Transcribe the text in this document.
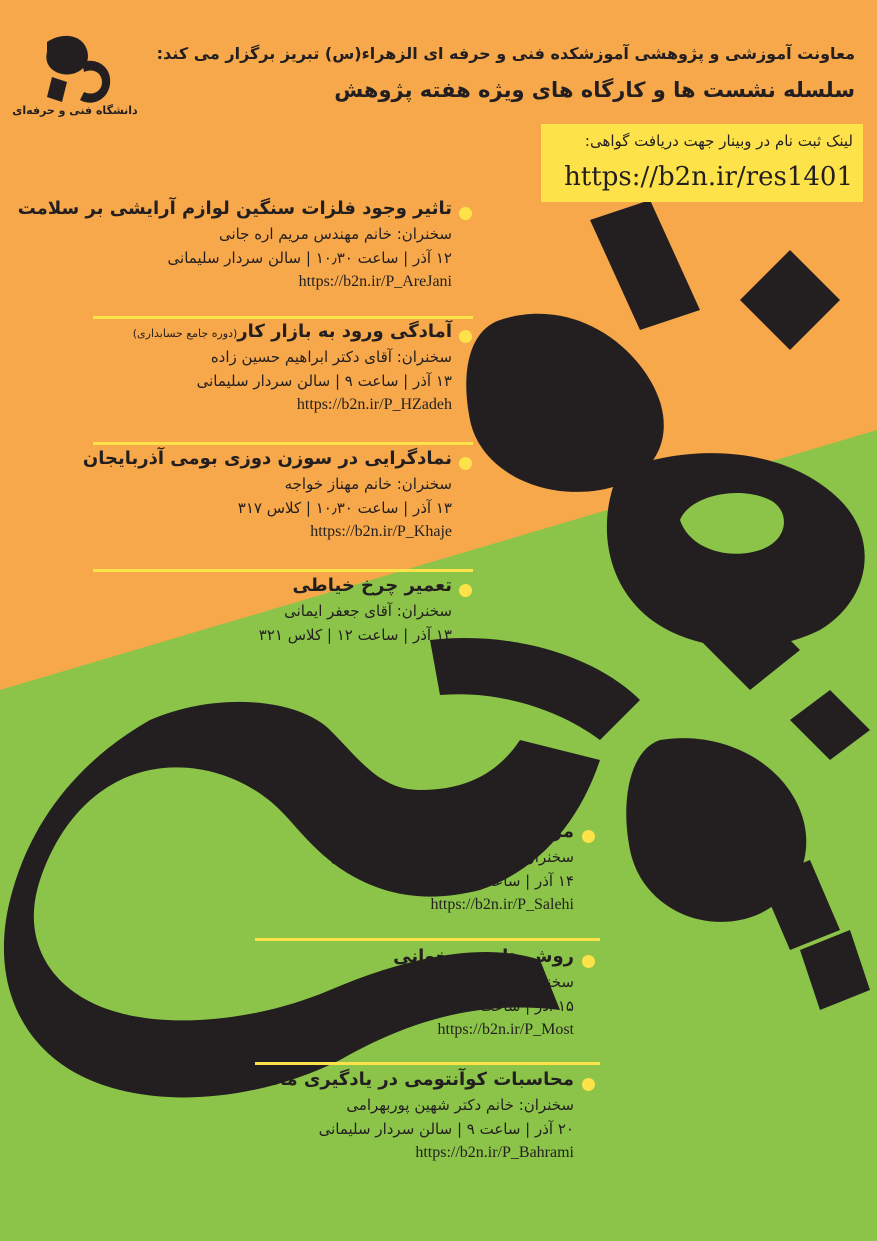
دانشگاه فنی و حرفه‌ای
معاونت آموزشی و پژوهشی آموزشکده فنی و حرفه ای الزهراء(س) تبریز برگزار می کند:
سلسله نشست ها و کارگاه های ویژه هفته پژوهش
لینک ثبت نام در وبینار جهت دریافت گواهی:
https://b2n.ir/res1401
تاثیر وجود فلزات سنگین لوازم آرایشی بر سلامت
سخنران: خانم مهندس مریم اره جانی
۱۲ آذر | ساعت ۱۰٫۳۰ | سالن سردار سلیمانی
https://b2n.ir/P_AreJani
آمادگی ورود به بازار کار(دوره جامع حسابداری)
سخنران: آقای دکتر ابراهیم حسین زاده
۱۳ آذر | ساعت ۹ | سالن سردار سلیمانی
https://b2n.ir/P_HZadeh
نمادگرایی در سوزن دوزی بومی آذربایجان
سخنران: خانم مهناز خواجه
۱۳ آذر | ساعت ۱۰٫۳۰ | کلاس ۳۱۷
https://b2n.ir/P_Khaje
تعمیر چرخ خیاطی
سخنران: آقای جعفر ایمانی
۱۳ آذر | ساعت ۱۲ | کلاس ۳۲۱
مراحل پیش از چاپ
سخنران: آقای دکتر امیر صالحی تبریزی
۱۴ آذر | ساعت ۱۰ | کلاس ۳۰۸
https://b2n.ir/P_Salehi
روش های تند خوانی
سخنران: خانم مهندس مصطفوی
۱۵ آذر | ساعت ۱۱ | سالن سردار سلیمانی
https://b2n.ir/P_Most
محاسبات کوآنتومی در یادگیری ماشین
سخنران: خانم دکتر شهین پوربهرامی
۲۰ آذر | ساعت ۹ | سالن سردار سلیمانی
https://b2n.ir/P_Bahrami
